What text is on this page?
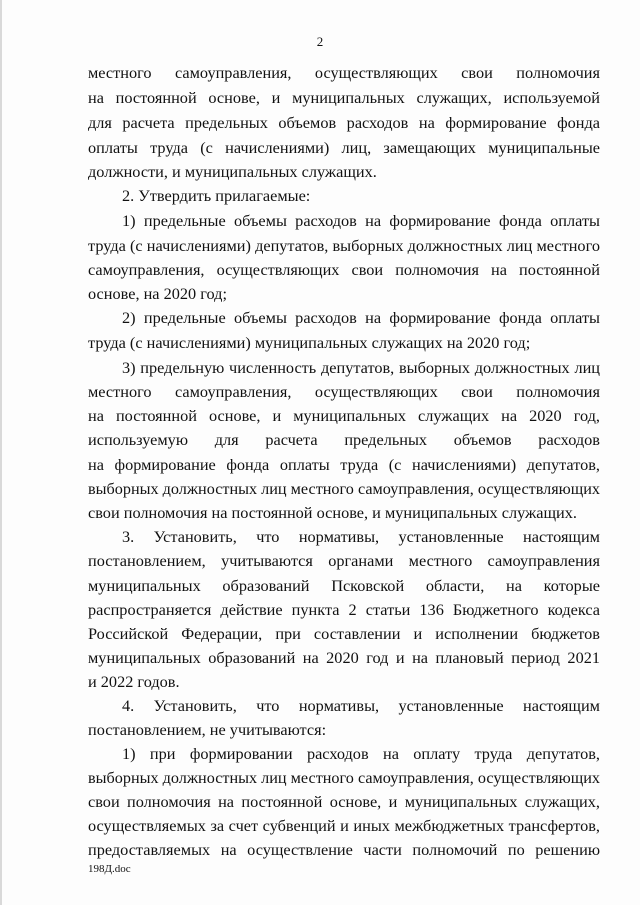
2
местного самоуправления, осуществляющих свои полномочия
на постоянной основе, и муниципальных служащих, используемой
для расчета предельных объемов расходов на формирование фонда
оплаты труда (с начислениями) лиц, замещающих муниципальные
должности, и муниципальных служащих.
2. Утвердить прилагаемые:
1) предельные объемы расходов на формирование фонда оплаты
труда (с начислениями) депутатов, выборных должностных лиц местного
самоуправления, осуществляющих свои полномочия на постоянной
основе, на 2020 год;
2) предельные объемы расходов на формирование фонда оплаты
труда (с начислениями) муниципальных служащих на 2020 год;
3) предельную численность депутатов, выборных должностных лиц
местного самоуправления, осуществляющих свои полномочия
на постоянной основе, и муниципальных служащих на 2020 год,
используемую для расчета предельных объемов расходов
на формирование фонда оплаты труда (с начислениями) депутатов,
выборных должностных лиц местного самоуправления, осуществляющих
свои полномочия на постоянной основе, и муниципальных служащих.
3. Установить, что нормативы, установленные настоящим
постановлением, учитываются органами местного самоуправления
муниципальных образований Псковской области, на которые
распространяется действие пункта 2 статьи 136 Бюджетного кодекса
Российской Федерации, при составлении и исполнении бюджетов
муниципальных образований на 2020 год и на плановый период 2021
и 2022 годов.
4. Установить, что нормативы, установленные настоящим
постановлением, не учитываются:
1) при формировании расходов на оплату труда депутатов,
выборных должностных лиц местного самоуправления, осуществляющих
свои полномочия на постоянной основе, и муниципальных служащих,
осуществляемых за счет субвенций и иных межбюджетных трансфертов,
предоставляемых на осуществление части полномочий по решению
198Д.doc
